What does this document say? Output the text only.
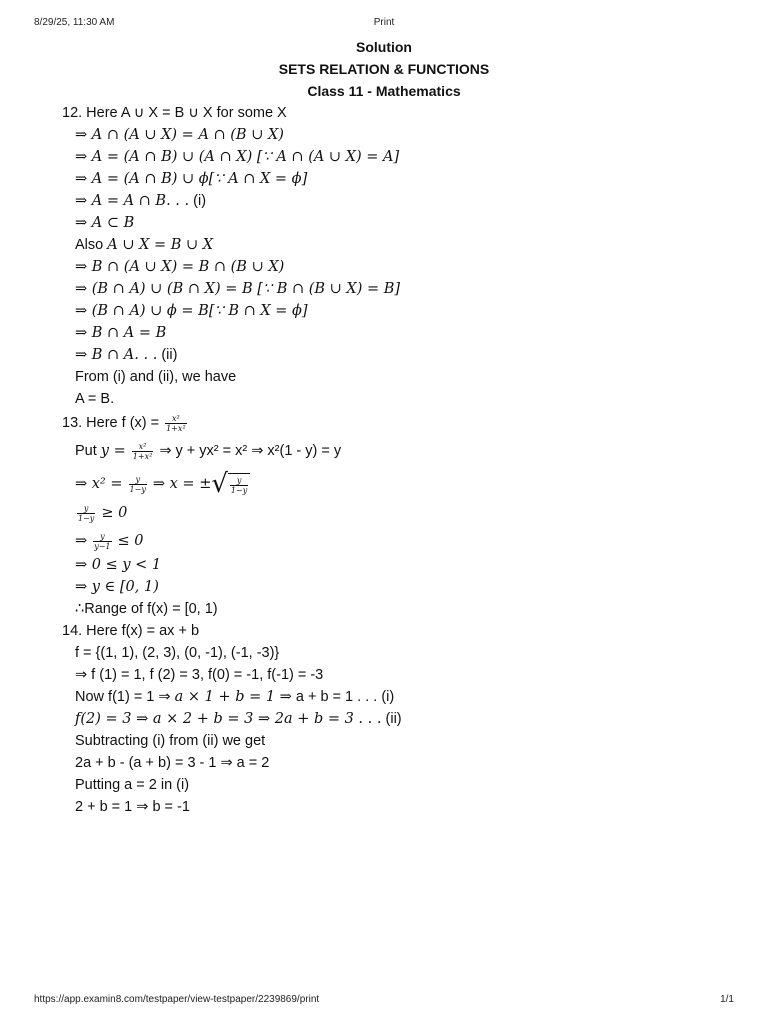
8/29/25, 11:30 AM	Print
Solution
SETS RELATION & FUNCTIONS
Class 11 - Mathematics
12. Here A ∪ X = B ∪ X for some X
⇒ A ∩ (A ∪ X) = A ∩ (B ∪ X)
⇒ A = (A ∩ B) ∪ (A ∩ X) [∵ A ∩ (A ∪ X) = A]
⇒ A = (A ∩ B) ∪ ϕ[∵ A ∩ X = ϕ]
⇒ A = A ∩ B. . . (i)
⇒ A ⊂ B
Also A ∪ X = B ∪ X
⇒ B ∩ (A ∪ X) = B ∩ (B ∪ X)
⇒ (B ∩ A) ∪ (B ∩ X) = B [∵ B ∩ (B ∪ X) = B]
⇒ (B ∩ A) ∪ ϕ = B[∵ B ∩ X = ϕ]
⇒ B ∩ A = B
⇒ B ∩ A. . . (ii)
From (i) and (ii), we have
A = B.
13. Here f $(x) = \frac{\text{x²}}{\text{1+x²}}$
Put $y = \frac{\text{x²}}{\text{1+x²}}$ ⇒ y + yx² = x² ⇒ x²(1 - y) = y
⇒ $x^2 = \frac{y}{1-y}$ ⇒ x = ±√ $\frac{y}{1-y}$
$\frac{y}{1-y} \ge 0$
⇒ $\frac{y}{y-1} \le 0$
⇒ 0 ≤ y < 1
⇒ y ∈ [0, 1)
∴Range of f(x) = [0, 1)
14. Here f(x) = ax + b
f = {(1, 1), (2, 3), (0, -1), (-1, -3)}
⇒ f (1) = 1, f (2) = 3, f(0) = -1, f(-1) = -3
Now f(1) = 1 ⇒ a × 1 + b = 1 ⇒ a + b = 1 . . . (i)
f(2) = 3 ⇒ a × 2 + b = 3 ⇒ 2a + b = 3 . . . (ii)
Subtracting (i) from (ii) we get
2a + b - (a + b) = 3 - 1 ⇒ a = 2
Putting a = 2 in (i)
2 + b = 1 ⇒ b = -1
https://app.examin8.com/testpaper/view-testpaper/2239869/print	1/1
